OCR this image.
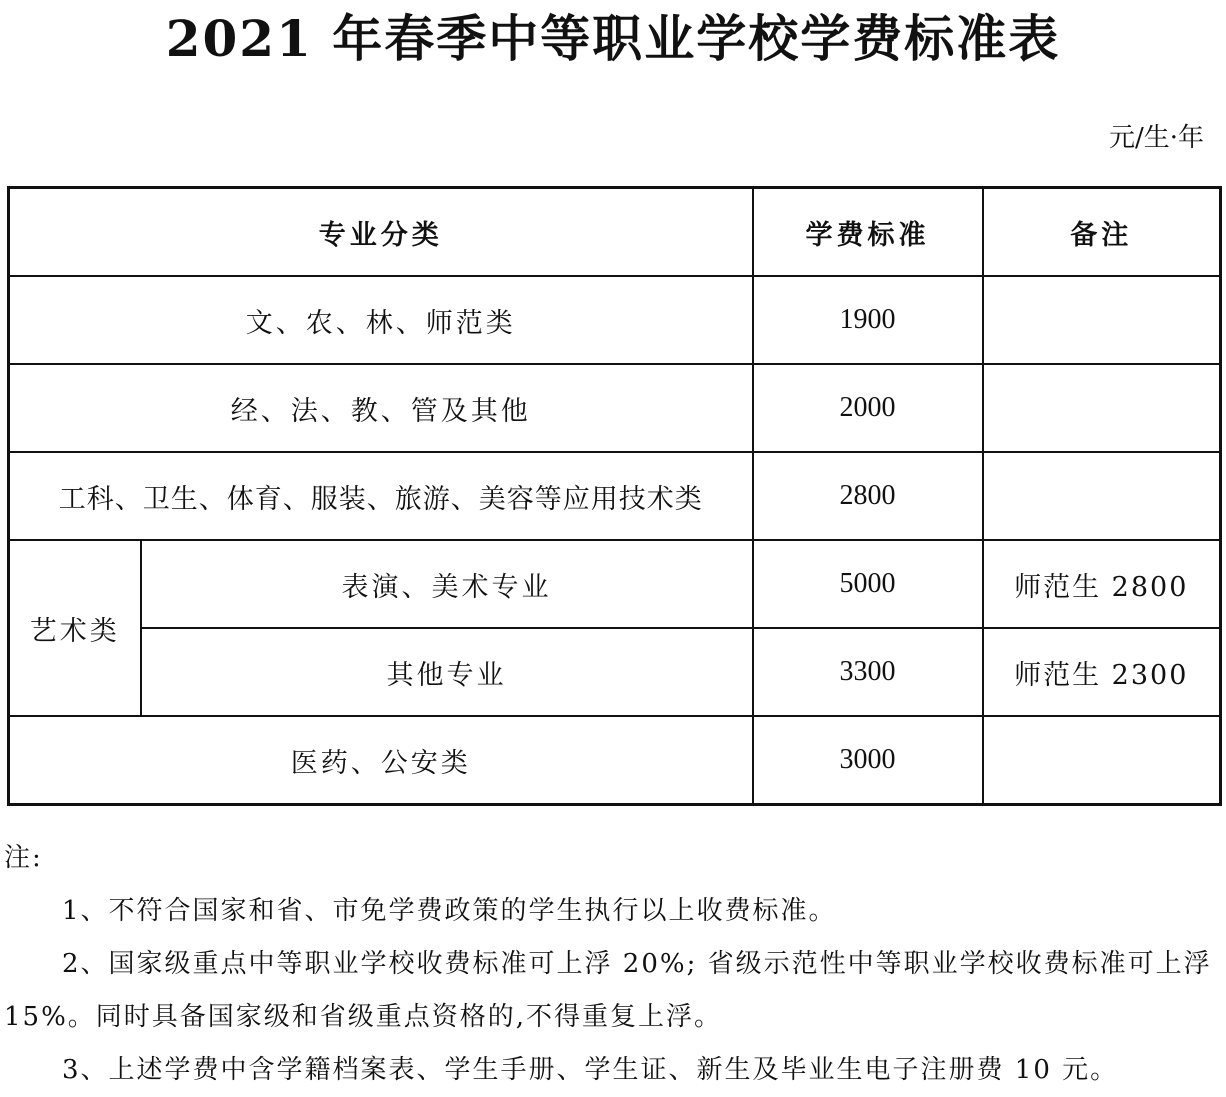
2021 年春季中等职业学校学费标准表
元/生·年
专业分类		学费标准	备注
文、农、林、师范类		1900	
经、法、教、管及其他		2000	
工科、卫生、体育、服装、旅游、美容等应用技术类		2800	
艺术类	表演、美术专业	5000	师范生 2800
	其他专业	3300	师范生 2300
医药、公安类		3000	

注:

1、不符合国家和省、市免学费政策的学生执行以上收费标准。

2、国家级重点中等职业学校收费标准可上浮 20%; 省级示范性中等职业学校收费标准可上浮 15%。同时具备国家级和省级重点资格的,不得重复上浮。

3、上述学费中含学籍档案表、学生手册、学生证、新生及毕业生电子注册费 10 元。
